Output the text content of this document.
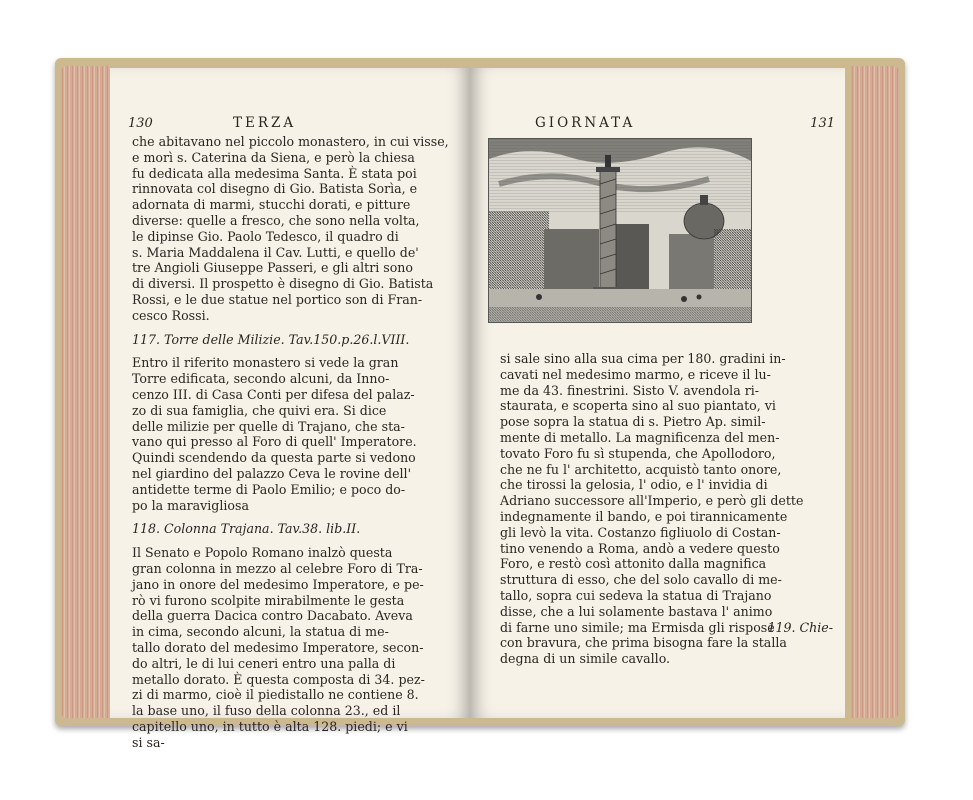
130	TERZA
che abitavano nel piccolo monastero, in cui visse,
e morì s. Caterina da Siena, e però la chiesa
fu dedicata alla medesima Santa. È stata poi
rinnovata col disegno di Gio. Batista Sorìa, e
adornata di marmi, stucchi dorati, e pitture
diverse: quelle a fresco, che sono nella volta,
le dipinse Gio. Paolo Tedesco, il quadro di
s. Maria Maddalena il Cav. Lutti, e quello de'
tre Angioli Giuseppe Passeri, e gli altri sono
di diversi. Il prospetto è disegno di Gio. Batista
Rossi, e le due statue nel portico son di Fran-
cesco Rossi.
117. Torre delle Milizie. Tav.150.p.26.l.VIII.
Entro il riferito monastero si vede la gran
Torre edificata, secondo alcuni, da Inno-
cenzo III. di Casa Conti per difesa del palaz-
zo di sua famiglia, che quivi era. Si dice
delle milizie per quelle di Trajano, che sta-
vano qui presso al Foro di quell' Imperatore.
Quindi scendendo da questa parte si vedono
nel giardino del palazzo Ceva le rovine dell'
antidette terme di Paolo Emilio; e poco do-
po la maravigliosa
118. Colonna Trajana. Tav.38. lib.II.
Il Senato e Popolo Romano inalzò questa
gran colonna in mezzo al celebre Foro di Tra-
jano in onore del medesimo Imperatore, e pe-
rò vi furono scolpite mirabilmente le gesta
della guerra Dacica contro Dacabato. Aveva
in cima, secondo alcuni, la statua di me-
tallo dorato del medesimo Imperatore, secon-
do altri, le di lui ceneri entro una palla di
metallo dorato. È questa composta di 34. pez-
zi di marmo, cioè il piedistallo ne contiene 8.
la base uno, il fuso della colonna 23., ed il
capitello uno, in tutto è alta 128. piedi; e vi
si sa-
GIORNATA	131
si sale sino alla sua cima per 180. gradini in-
cavati nel medesimo marmo, e riceve il lu-
me da 43. finestrini. Sisto V. avendola ri-
staurata, e scoperta sino al suo piantato, vi
pose sopra la statua di s. Pietro Ap. simil-
mente di metallo. La magnificenza del men-
tovato Foro fu sì stupenda, che Apollodoro,
che ne fu l' architetto, acquistò tanto onore,
che tirossi la gelosia, l' odio, e l' invidia di
Adriano successore all'Imperio, e però gli dette
indegnamente il bando, e poi tirannicamente
gli levò la vita. Costanzo figliuolo di Costan-
tino venendo a Roma, andò a vedere questo
Foro, e restò così attonito dalla magnifica
struttura di esso, che del solo cavallo di me-
tallo, sopra cui sedeva la statua di Trajano
disse, che a lui solamente bastava l' animo
di farne uno simile; ma Ermisda gli rispose
con bravura, che prima bisogna fare la stalla
degna di un simile cavallo.
119. Chie-
